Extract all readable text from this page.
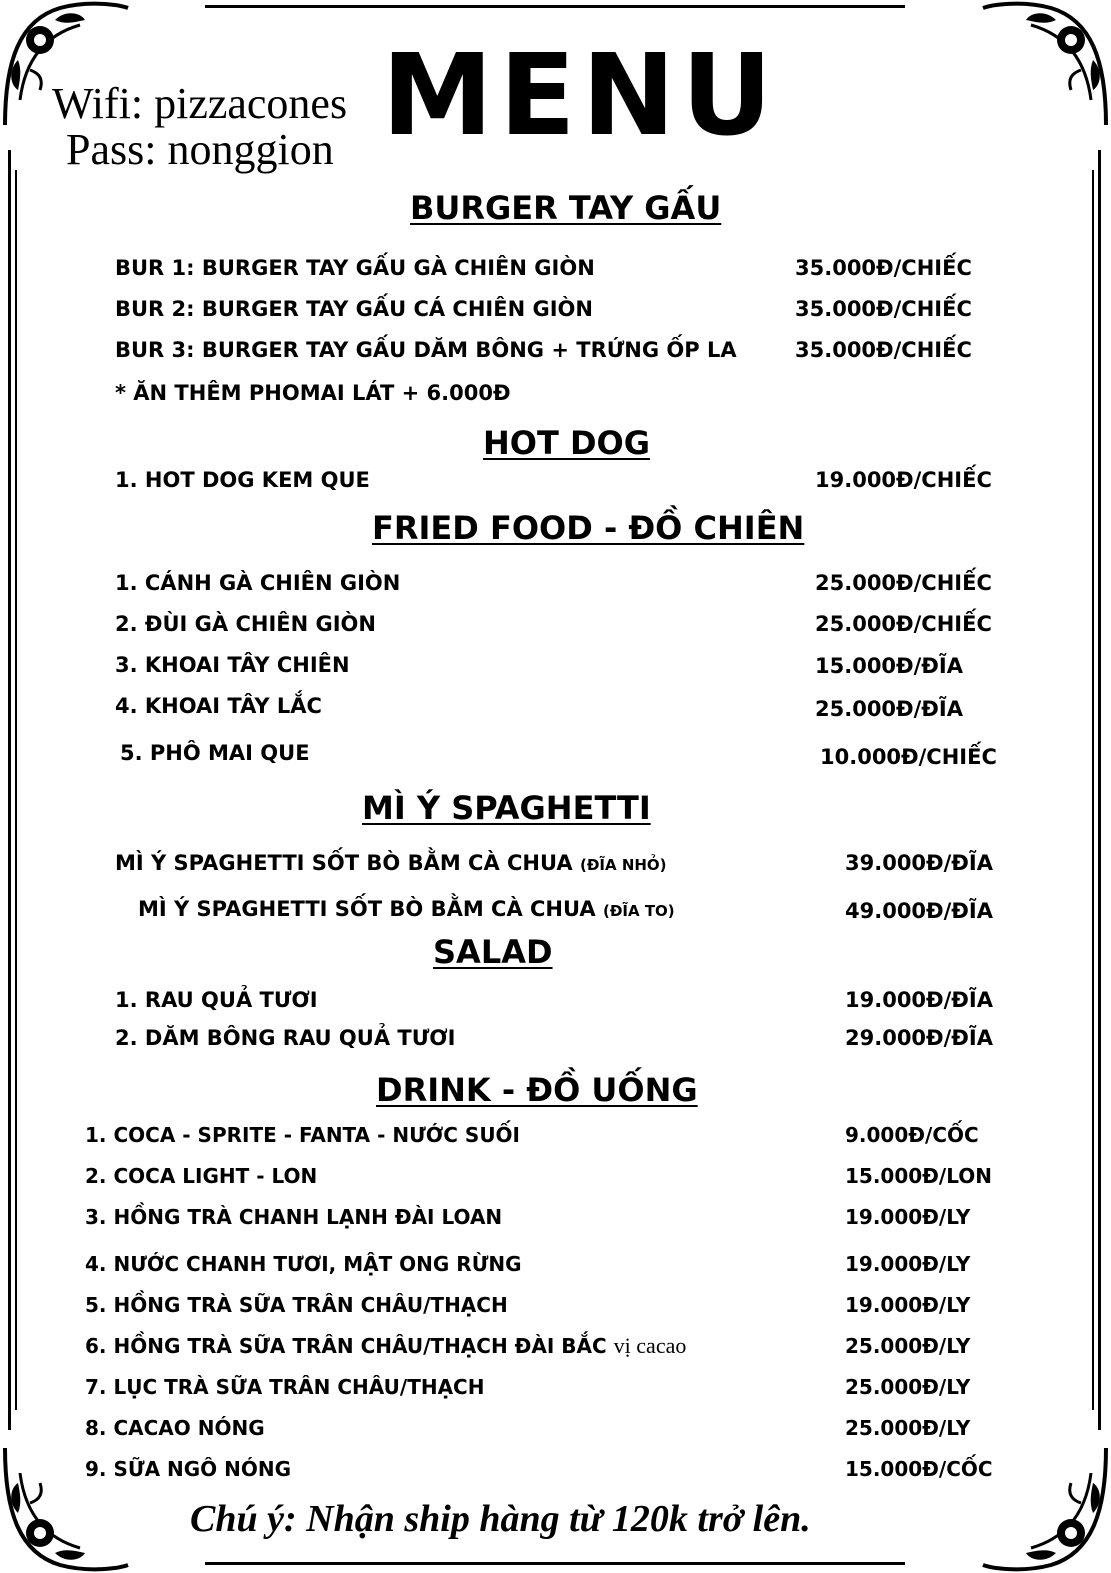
Wifi: pizzacones
Pass: nonggion MENU
BURGER TAY GẤU
BUR 1: BURGER TAY GẤU GÀ CHIÊN GIÒN	35.000Đ/CHIẾC
BUR 2: BURGER TAY GẤU CÁ CHIÊN GIÒN	35.000Đ/CHIẾC
BUR 3: BURGER TAY GẤU DĂM BÔNG + TRỨNG ỐP LA	35.000Đ/CHIẾC
* ĂN THÊM PHOMAI LÁT + 6.000Đ
HOT DOG
1. HOT DOG KEM QUE	19.000Đ/CHIẾC
FRIED FOOD - ĐỒ CHIÊN
1. CÁNH GÀ CHIÊN GIÒN	25.000Đ/CHIẾC
2. ĐÙI GÀ CHIÊN GIÒN	25.000Đ/CHIẾC
3. KHOAI TÂY CHIÊN	15.000Đ/ĐĨA
4. KHOAI TÂY LẮC	25.000Đ/ĐĨA
5. PHÔ MAI QUE	10.000Đ/CHIẾC
MÌ Ý SPAGHETTI
MÌ Ý SPAGHETTI SỐT BÒ BẰM CÀ CHUA (ĐĨA NHỎ)	39.000Đ/ĐĨA
MÌ Ý SPAGHETTI SỐT BÒ BẰM CÀ CHUA (ĐĨA TO)	49.000Đ/ĐĨA
SALAD
1. RAU QUẢ TƯƠI	19.000Đ/ĐĨA
2. DĂM BÔNG RAU QUẢ TƯƠI	29.000Đ/ĐĨA
DRINK - ĐỒ UỐNG
1. COCA - SPRITE - FANTA - NƯỚC SUỐI	9.000Đ/CỐC
2. COCA LIGHT - LON	15.000Đ/LON
3. HỒNG TRÀ CHANH LẠNH ĐÀI LOAN	19.000Đ/LY
4. NƯỚC CHANH TƯƠI, MẬT ONG RỪNG	19.000Đ/LY
5. HỒNG TRÀ SỮA TRÂN CHÂU/THẠCH	19.000Đ/LY
6. HỒNG TRÀ SỮA TRÂN CHÂU/THẠCH ĐÀI BẮC vị cacao	25.000Đ/LY
7. LỤC TRÀ SỮA TRÂN CHÂU/THẠCH	25.000Đ/LY
8. CACAO NÓNG	25.000Đ/LY
9. SỮA NGÔ NÓNG	15.000Đ/CỐC
Chú ý: Nhận ship hàng từ 120k trở lên.
